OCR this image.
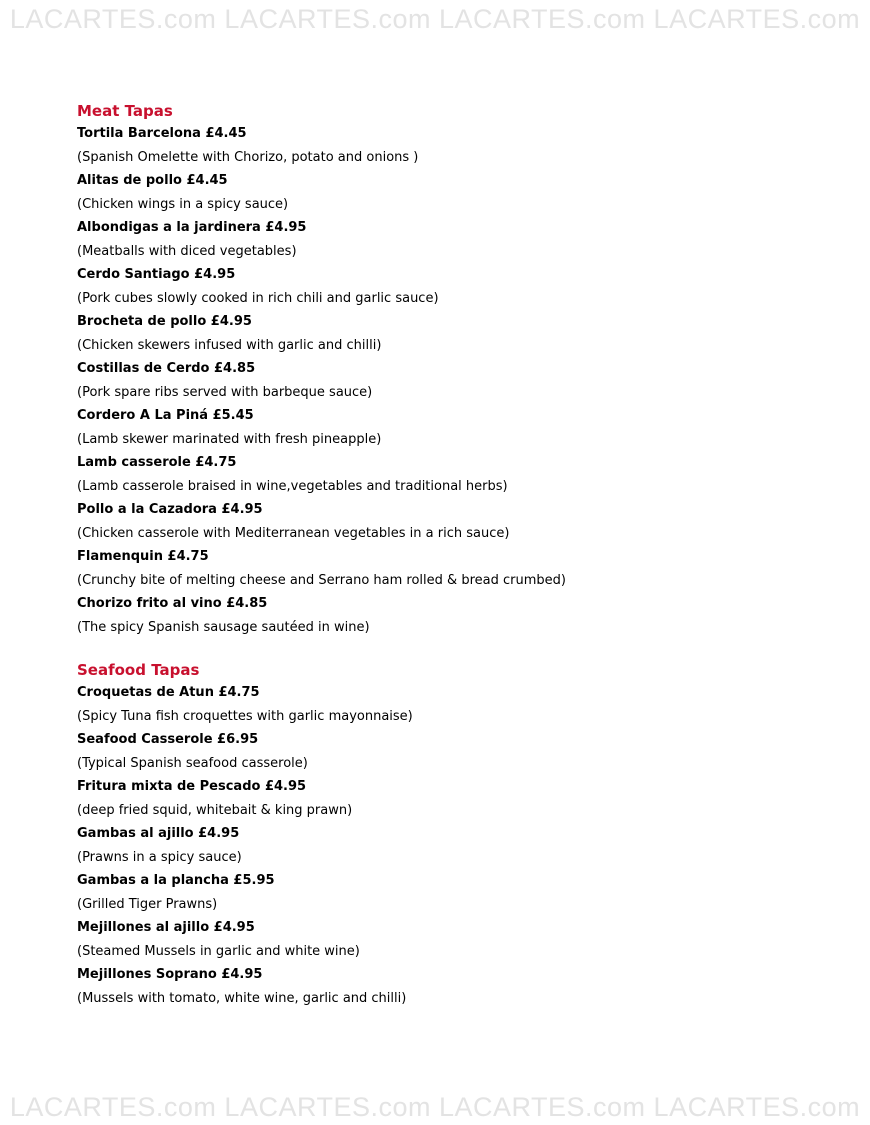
LACARTES.com LACARTES.com LACARTES.com LACARTES.com
Meat Tapas
Tortila Barcelona £4.45
(Spanish Omelette with Chorizo, potato and onions )
Alitas de pollo £4.45
(Chicken wings in a spicy sauce)
Albondigas a la jardinera £4.95
(Meatballs with diced vegetables)
Cerdo Santiago £4.95
(Pork cubes slowly cooked in rich chili and garlic sauce)
Brocheta de pollo £4.95
(Chicken skewers infused with garlic and chilli)
Costillas de Cerdo £4.85
(Pork spare ribs served with barbeque sauce)
Cordero A La Piná £5.45
(Lamb skewer marinated with fresh pineapple)
Lamb casserole £4.75
(Lamb casserole braised in wine,vegetables and traditional herbs)
Pollo a la Cazadora £4.95
(Chicken casserole with Mediterranean vegetables in a rich sauce)
Flamenquin £4.75
(Crunchy bite of melting cheese and Serrano ham rolled & bread crumbed)
Chorizo frito al vino £4.85
(The spicy Spanish sausage sautéed in wine)
Seafood Tapas
Croquetas de Atun £4.75
(Spicy Tuna fish croquettes with garlic mayonnaise)
Seafood Casserole £6.95
(Typical Spanish seafood casserole)
Fritura mixta de Pescado £4.95
(deep fried squid, whitebait & king prawn)
Gambas al ajillo £4.95
(Prawns in a spicy sauce)
Gambas a la plancha £5.95
(Grilled Tiger Prawns)
Mejillones al ajillo £4.95
(Steamed Mussels in garlic and white wine)
Mejillones Soprano £4.95
(Mussels with tomato, white wine, garlic and chilli)
LACARTES.com LACARTES.com LACARTES.com LACARTES.com
